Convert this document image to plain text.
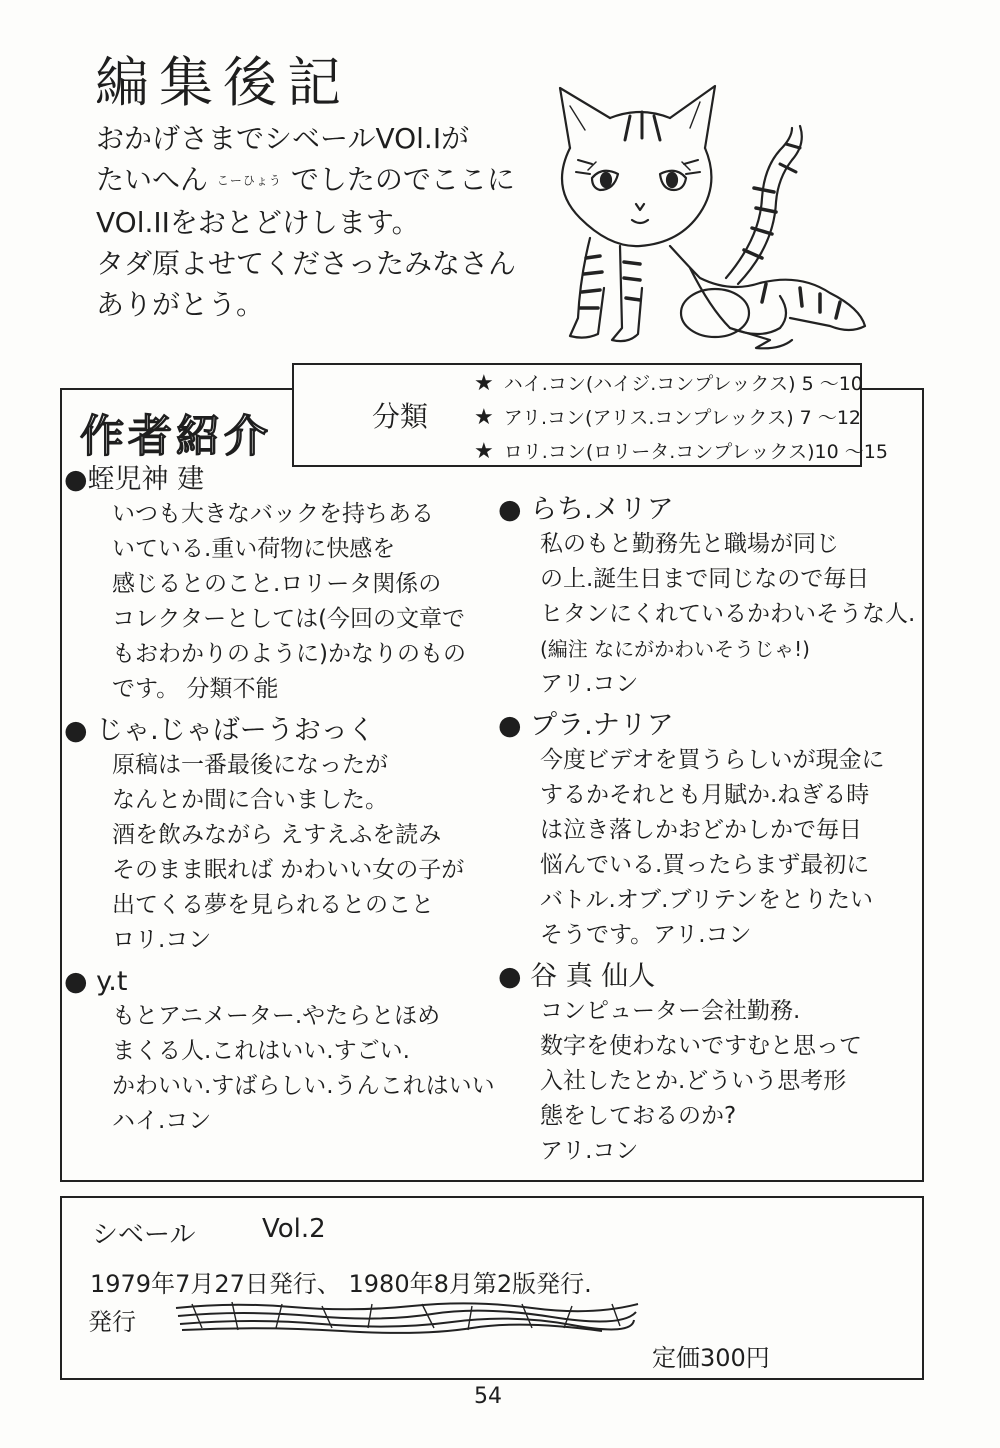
編集後記
おかげさまでシベールVOl.Iが
たいへん こーひょう でしたのでここに
VOl.IIをおとどけします。
タダ原よせてくださったみなさん
ありがとう。
作者紹介	分類
★ ハイ.コン(ハイジ.コンプレックス) 5 〜10
★ アリ.コン(アリス.コンプレックス) 7 〜12
★ ロリ.コン(ロリータ.コンプレックス)10 〜15
●蛭児神 建
いつも大きなバックを持ちある
いている.重い荷物に快感を
感じるとのこと.ロリータ関係の
コレクターとしては(今回の文章で
もおわかりのように)かなりのもの
です。 分類不能
● じゃ.じゃばーうおっく
原稿は一番最後になったが
なんとか間に合いました。
酒を飲みながら えすえふを読み
そのまま眠れば かわいい女の子が
出てくる夢を見られるとのこと
ロリ.コン
● y.t
もとアニメーター.やたらとほめ
まくる人.これはいい.すごい.
かわいい.すばらしい.うんこれはいい
ハイ.コン
● らち.メリア
私のもと勤務先と職場が同じ
の上.誕生日まで同じなので毎日
ヒタンにくれているかわいそうな人.
(編注 なにがかわいそうじゃ!)
アリ.コン
● プラ.ナリア
今度ビデオを買うらしいが現金に
するかそれとも月賦か.ねぎる時
は泣き落しかおどかしかで毎日
悩んでいる.買ったらまず最初に
バトル.オブ.ブリテンをとりたい
そうです。アリ.コン
● 谷 真 仙人
コンピューター会社勤務.
数字を使わないですむと思って
入社したとか.どういう思考形
態をしておるのか?
アリ.コン
シベール	Vol.2
1979年7月27日発行、 1980年8月第2版発行.
発行
定価300円
54
